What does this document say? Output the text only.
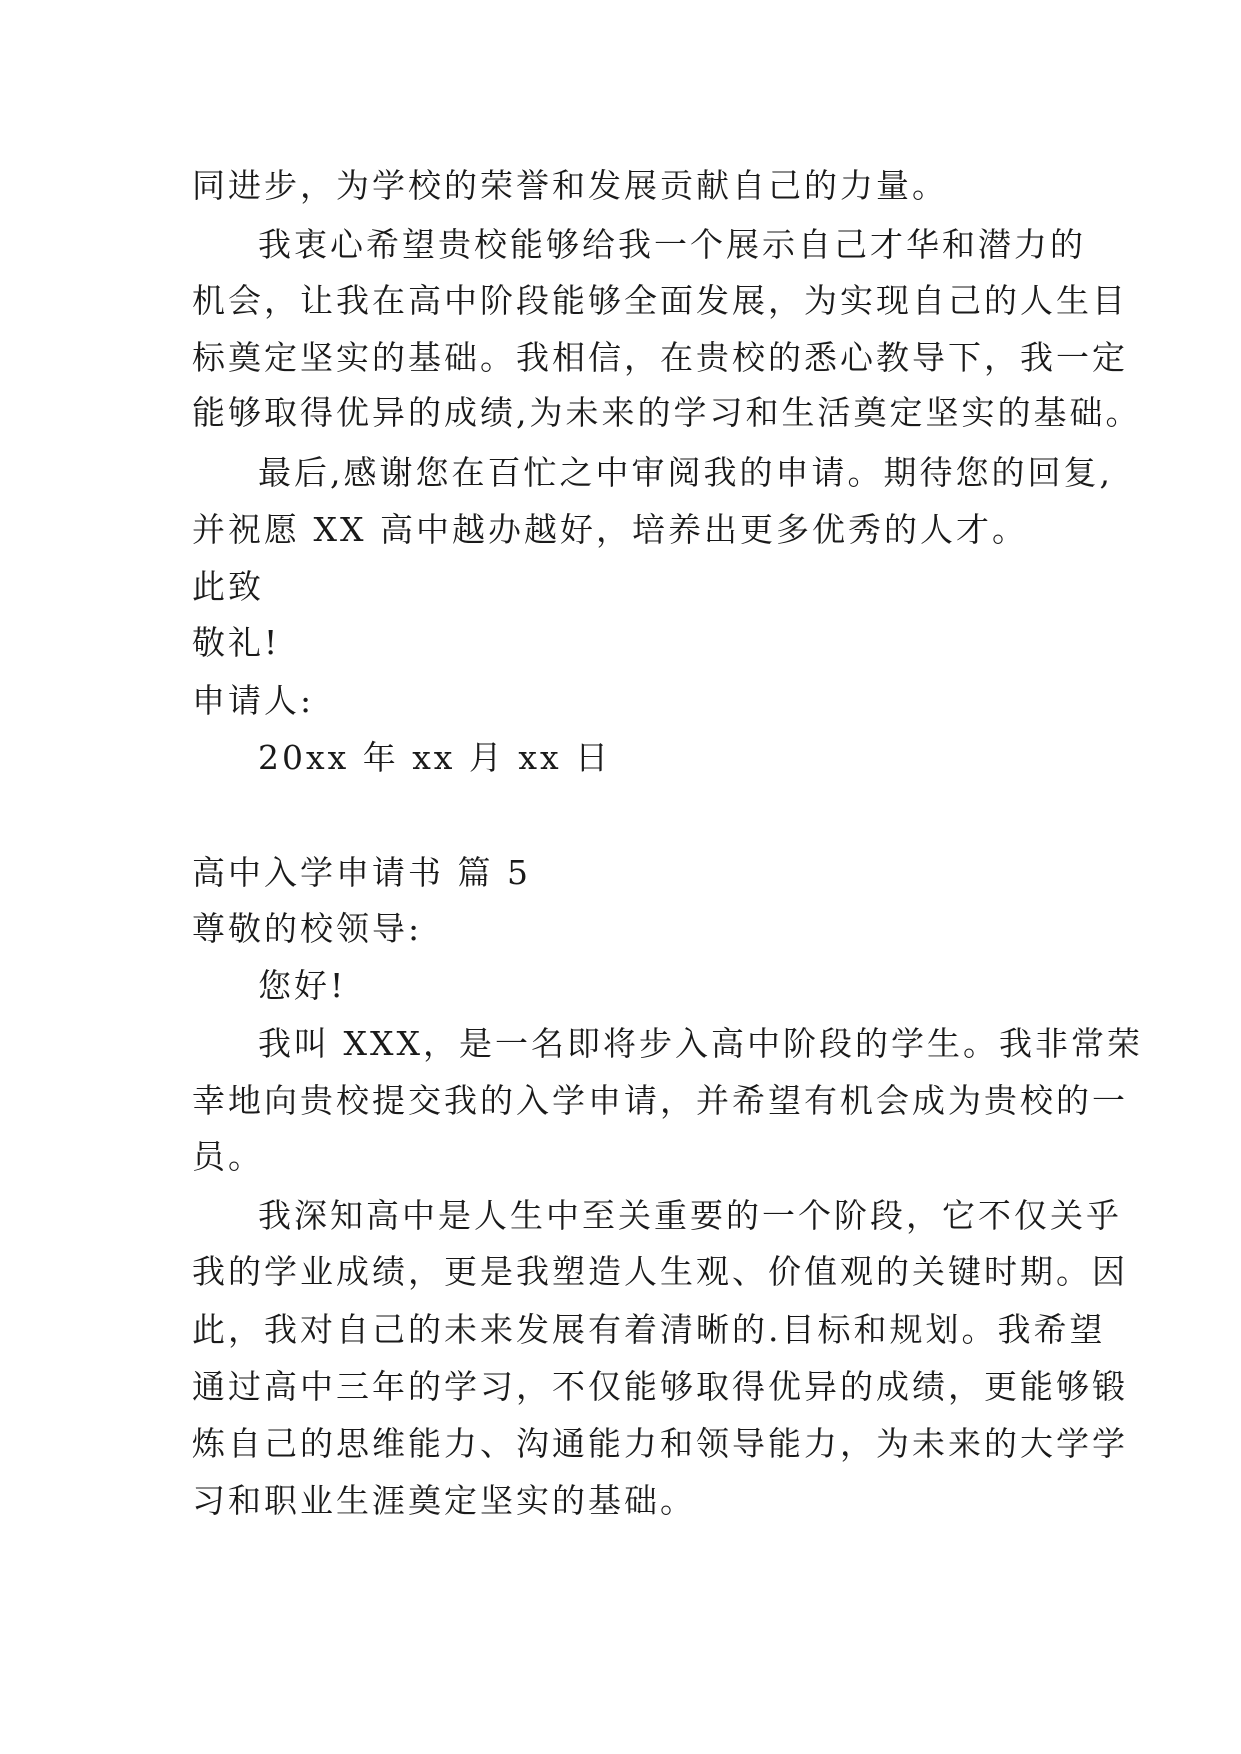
同进步，为学校的荣誉和发展贡献自己的力量。
我衷心希望贵校能够给我一个展示自己才华和潜力的
机会，让我在高中阶段能够全面发展，为实现自己的人生目
标奠定坚实的基础。我相信，在贵校的悉心教导下，我一定
能够取得优异的成绩,为未来的学习和生活奠定坚实的基础。
最后,感谢您在百忙之中审阅我的申请。期待您的回复,
并祝愿 XX 高中越办越好，培养出更多优秀的人才。
此致
敬礼!
申请人:
20xx 年 xx 月 xx 日
高中入学申请书 篇 5
尊敬的校领导:
您好!
我叫 XXX，是一名即将步入高中阶段的学生。我非常荣
幸地向贵校提交我的入学申请，并希望有机会成为贵校的一
员。
我深知高中是人生中至关重要的一个阶段，它不仅关乎
我的学业成绩，更是我塑造人生观、价值观的关键时期。因
此，我对自己的未来发展有着清晰的.目标和规划。我希望
通过高中三年的学习，不仅能够取得优异的成绩，更能够锻
炼自己的思维能力、沟通能力和领导能力，为未来的大学学
习和职业生涯奠定坚实的基础。
